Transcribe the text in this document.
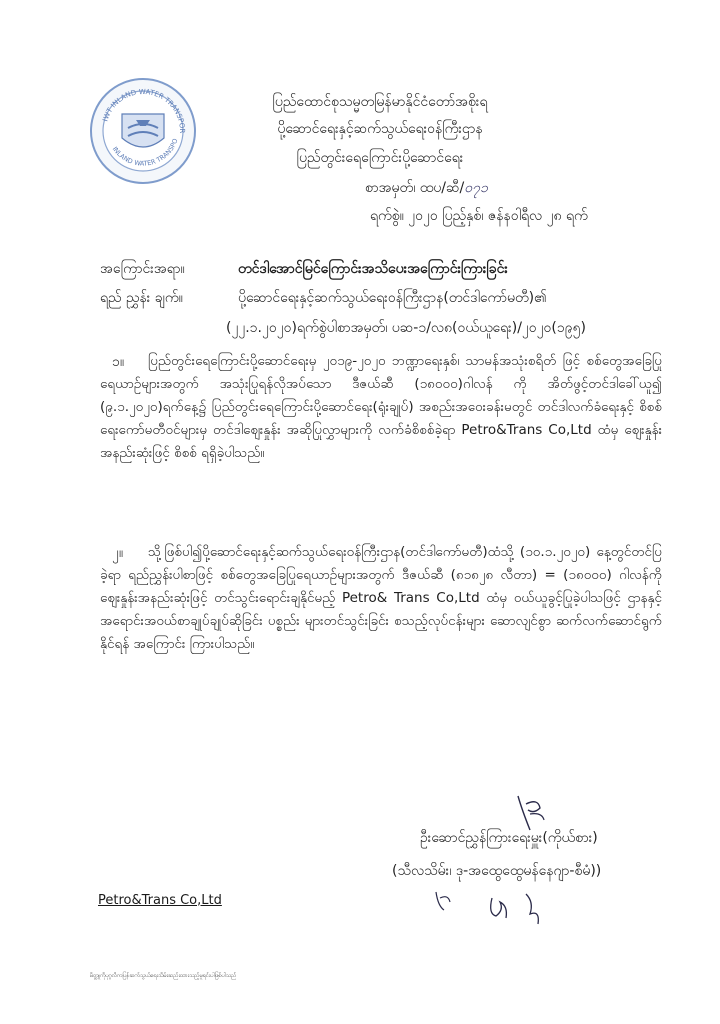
IWT INLAND WATER TRANSPOR
INLAND WATER TRANSPO
ပြည်ထောင်စုသမ္မတမြန်မာနိုင်ငံတော်အစိုးရ
ပို့ဆောင်ရေးနှင့်ဆက်သွယ်ရေးဝန်ကြီးဌာန
ပြည်တွင်းရေကြောင်းပို့ဆောင်ရေး
စာအမှတ်၊ ထပ/ဆီ/၀၇၁
ရက်စွဲ။ ၂၀၂၀ ပြည့်နှစ်၊ ဇန်နဝါရီလ ၂၈ ရက်
အကြောင်းအရာ။	တင်ဒါအောင်မြင်ကြောင်းအသိပေးအကြောင်းကြားခြင်း
ရည် ညွှန်း ချက်။	ပို့ဆောင်ရေးနှင့်ဆက်သွယ်ရေးဝန်ကြီးဌာန(တင်ဒါကော်မတီ)၏
(၂၂.၁.၂၀၂၀)ရက်စွဲပါစာအမှတ်၊ ပဆ-၁/လ၈(ဝယ်ယူရေး)/၂၀၂၀(၁၉၅)
၁။	ပြည်တွင်းရေကြောင်းပို့ဆောင်ရေးမှ ၂၀၁၉-၂၀၂၀ ဘဏ္ဍာရေးနှစ်၊ သာမန်အသုံးစရိတ် ဖြင့် စစ်တွေအခြေပြုရေယာဉ်များအတွက် အသုံးပြုရန်လိုအပ်သော ဒီဇယ်ဆီ (၁၈၀၀၀)ဂါလန် ကို အိတ်ဖွင့်တင်ဒါခေါ်ယူ၍ (၉.၁.၂၀၂၀)ရက်နေ့၌ ပြည်တွင်းရေကြောင်းပို့ဆောင်ရေး(ရုံးချုပ်) အစည်းအဝေးခန်းမတွင် တင်ဒါလက်ခံရေးနှင့် စိစစ်ရေးကော်မတီဝင်များမှ တင်ဒါဈေးနှုန်း အဆိုပြုလွှာများကို လက်ခံစိစစ်ခဲ့ရာ Petro&Trans Co,Ltd ထံမှ ဈေးနှုန်းအနည်းဆုံးဖြင့် စိစစ် ရရှိခဲ့ပါသည်။
၂။	သို့ဖြစ်ပါ၍ပို့ဆောင်ရေးနှင့်ဆက်သွယ်ရေးဝန်ကြီးဌာန(တင်ဒါကော်မတီ)ထံသို့ (၁၀.၁.၂၀၂၀) နေ့တွင်တင်ပြခဲ့ရာ ရည်ညွှန်းပါစာဖြင့် စစ်တွေအခြေပြုရေယာဉ်များအတွက် ဒီဇယ်ဆီ (၈၁၈၂၈ လီတာ) = (၁၈၀၀၀) ဂါလန်ကို ဈေးနှုန်းအနည်းဆုံးဖြင့် တင်သွင်းရောင်းချနိုင်မည့် Petro& Trans Co,Ltd ထံမှ ဝယ်ယူခွင့်ပြုခဲ့ပါသဖြင့် ဌာနနှင့် အရောင်းအဝယ်စာချုပ်ချုပ်ဆိုခြင်း ပစ္စည်း များတင်သွင်းခြင်း စသည့်လုပ်ငန်းများ ဆောလျင်စွာ ဆက်လက်ဆောင်ရွက်နိုင်ရန် အကြောင်း ကြားပါသည်။
ဦးဆောင်ညွှန်ကြားရေးမှူး(ကိုယ်စား)
(သီလသိမ်း၊ ဒု-အထွေထွေမန်နေဂျာ-စီမံ))
Petro&Trans Co,Ltd
မိတ္တူကိုပုဂ္ဂလိကပြန်ဆက်သွယ်ရေးသိမ်းဆည်းထားသည့်မူရင်းပါဖြစ်ပါသည်
